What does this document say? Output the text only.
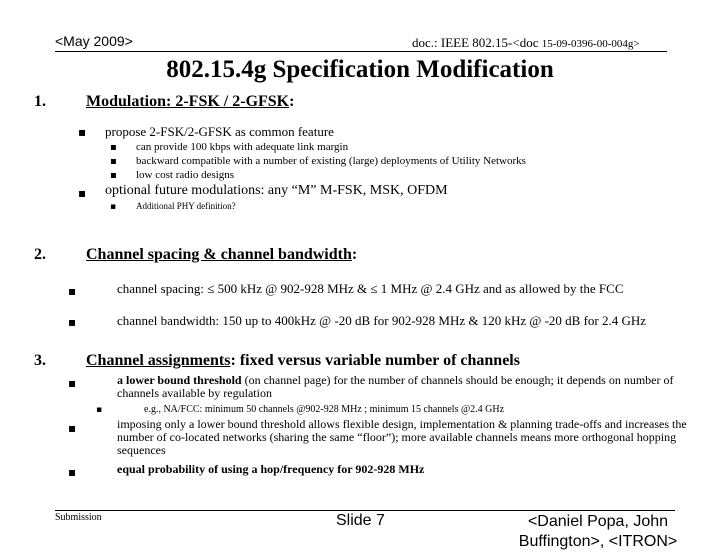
<May 2009>	doc.: IEEE 802.15-<doc 15-09-0396-00-004g>
802.15.4g Specification Modification
1.	Modulation: 2-FSK / 2-GFSK:
▪ propose 2-FSK/2-GFSK as common feature
▪ can provide 100 kbps with adequate link margin
▪ backward compatible with a number of existing (large) deployments of Utility Networks
▪ low cost radio designs
▪ optional future modulations: any “M” M-FSK, MSK, OFDM
▪ Additional PHY definition?
2.	Channel spacing & channel bandwidth:
▪	channel spacing: ≤ 500 kHz @ 902-928 MHz & ≤ 1 MHz @ 2.4 GHz and as allowed by the FCC
▪	channel bandwidth: 150 up to 400kHz @ -20 dB for 902-928 MHz & 120 kHz @ -20 dB for 2.4 GHz
3.	Channel assignments: fixed versus variable number of channels
▪	a lower bound threshold (on channel page) for the number of channels should be enough; it depends on number of channels available by regulation
▪	e.g., NA/FCC: minimum 50 channels @902-928 MHz ; minimum 15 channels @2.4 GHz
▪	imposing only a lower bound threshold allows flexible design, implementation & planning trade-offs and increases the number of co-located networks (sharing the same “floor”); more available channels means more orthogonal hopping sequences
▪	equal probability of using a hop/frequency for 902-928 MHz
Submission	Slide 7	<Daniel Popa, John Buffington>, <ITRON>
